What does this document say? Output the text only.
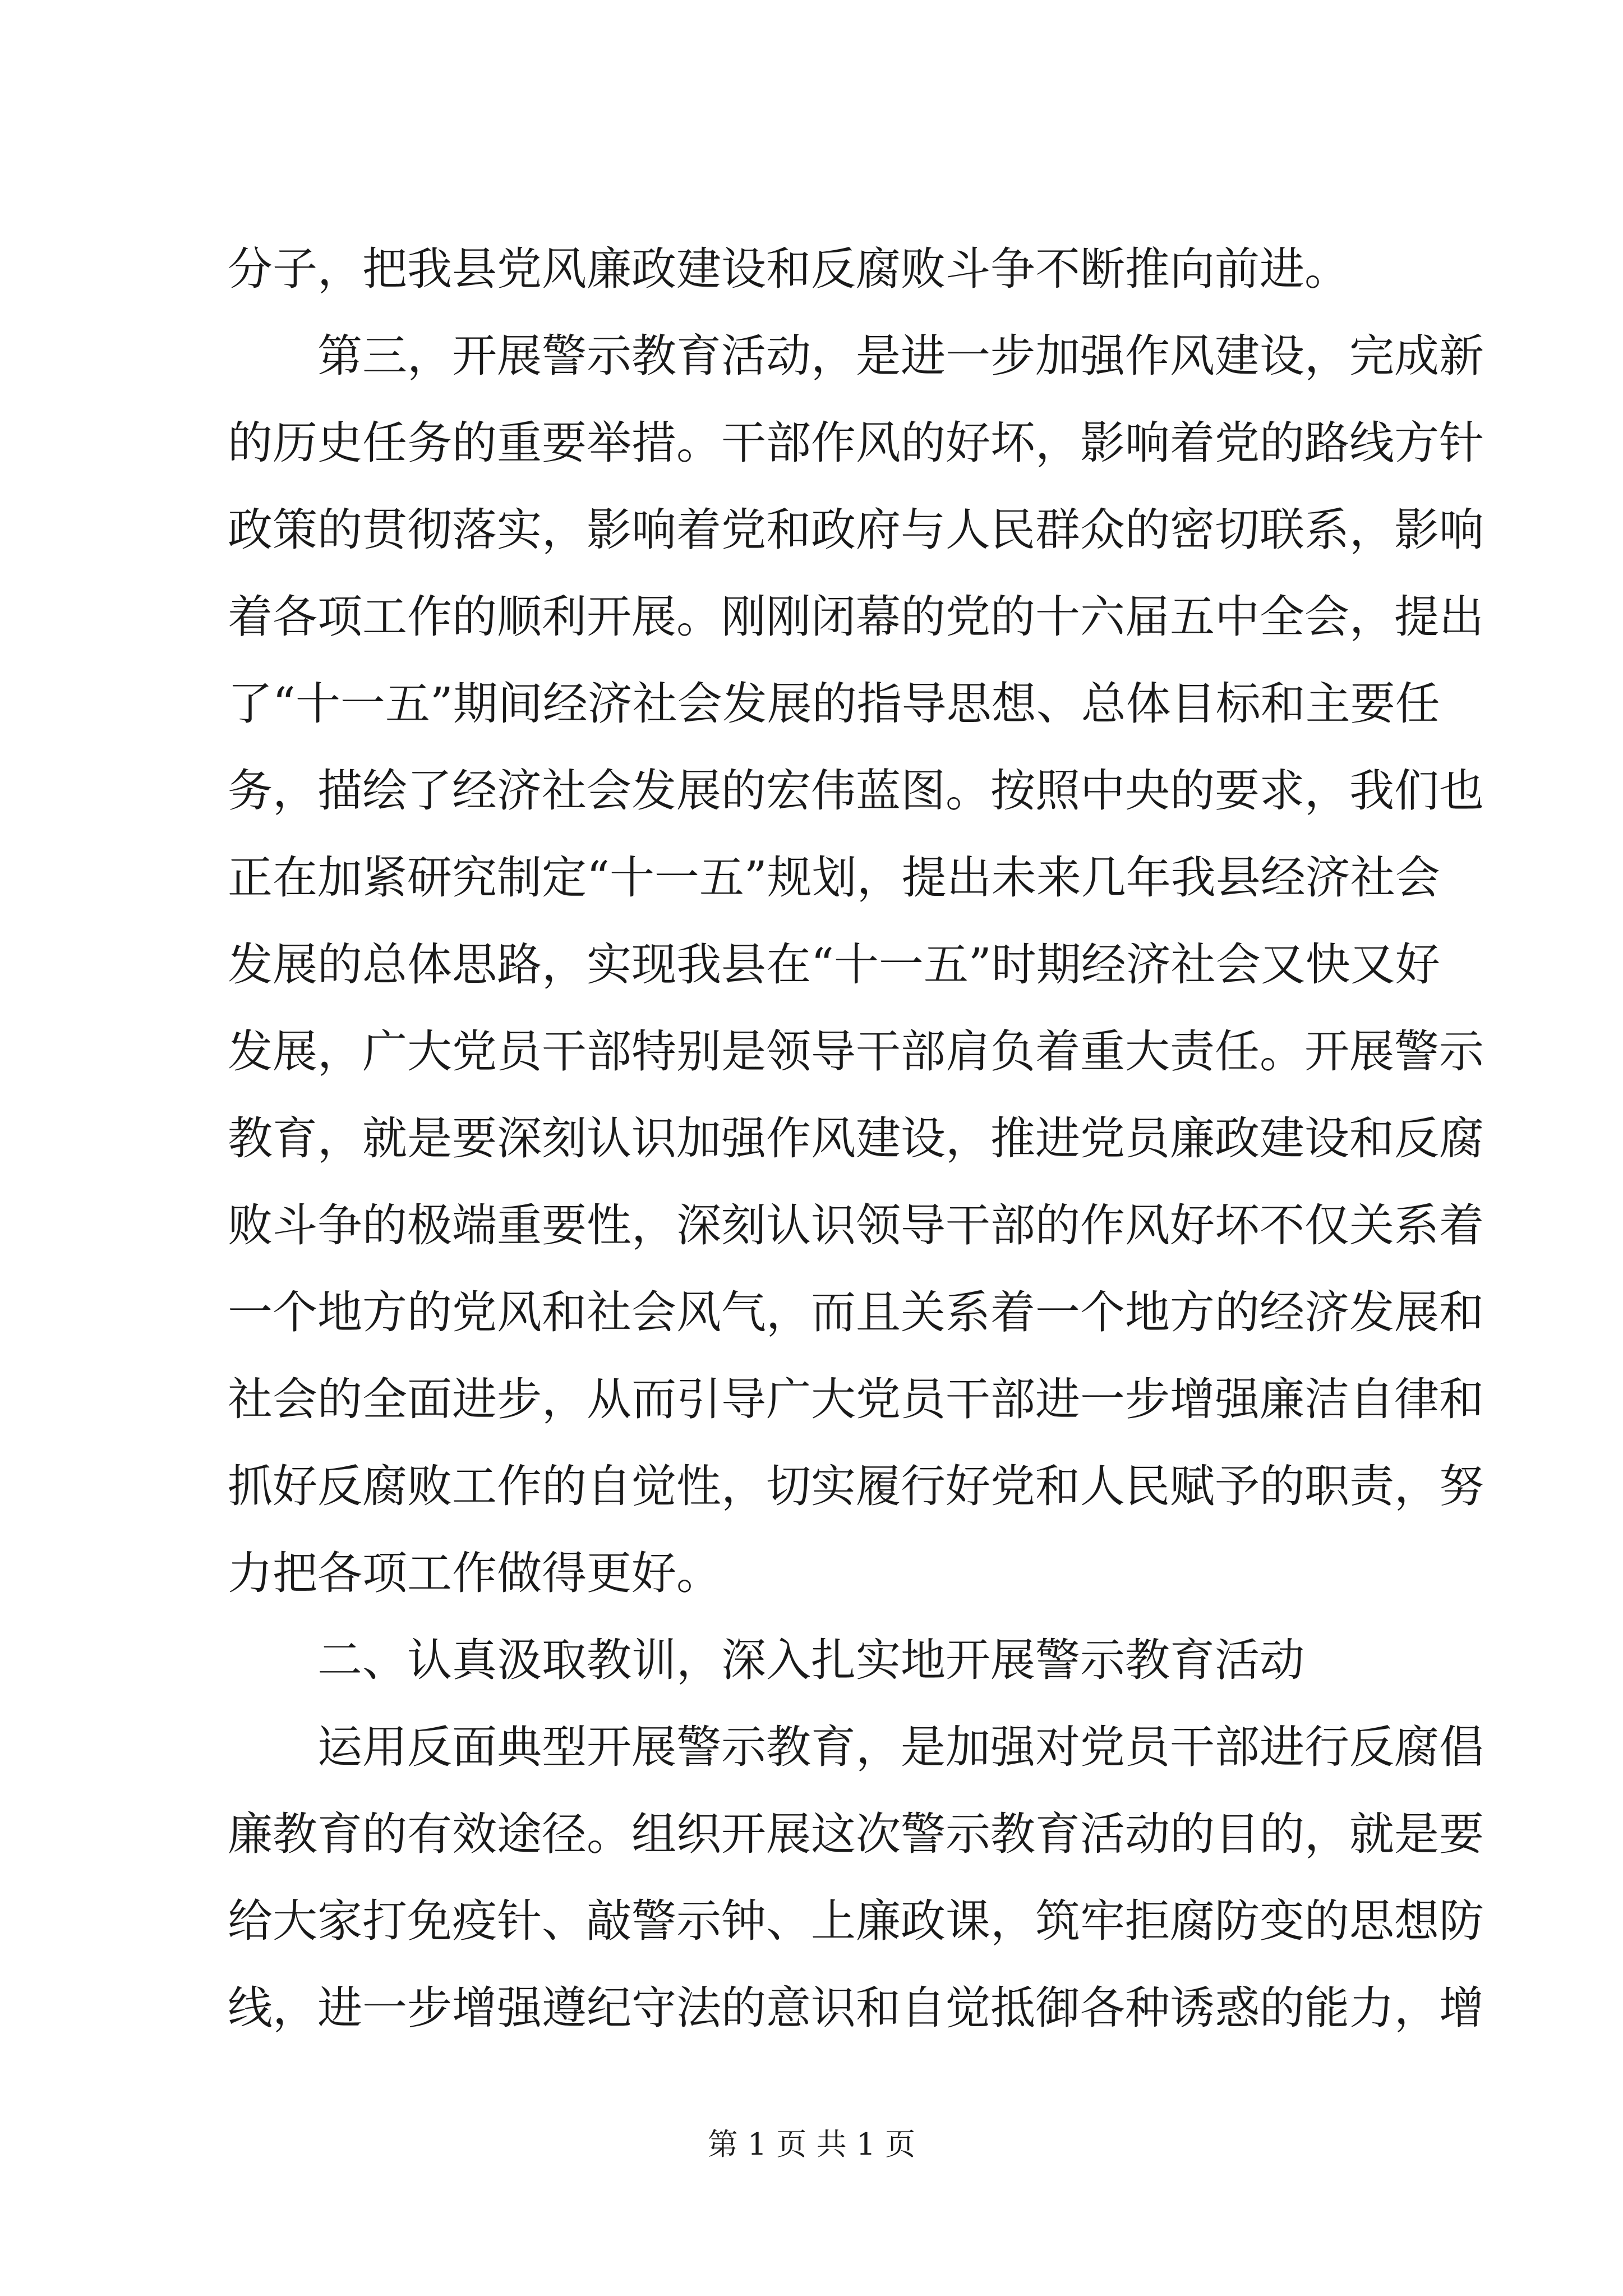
分子，把我县党风廉政建设和反腐败斗争不断推向前进。
第三，开展警示教育活动，是进一步加强作风建设，完成新
的历史任务的重要举措。干部作风的好坏，影响着党的路线方针
政策的贯彻落实，影响着党和政府与人民群众的密切联系，影响
着各项工作的顺利开展。刚刚闭幕的党的十六届五中全会，提出
了“十一五”期间经济社会发展的指导思想、总体目标和主要任
务，描绘了经济社会发展的宏伟蓝图。按照中央的要求，我们也
正在加紧研究制定“十一五”规划，提出未来几年我县经济社会
发展的总体思路，实现我县在“十一五”时期经济社会又快又好
发展，广大党员干部特别是领导干部肩负着重大责任。开展警示
教育，就是要深刻认识加强作风建设，推进党员廉政建设和反腐
败斗争的极端重要性，深刻认识领导干部的作风好坏不仅关系着
一个地方的党风和社会风气，而且关系着一个地方的经济发展和
社会的全面进步，从而引导广大党员干部进一步增强廉洁自律和
抓好反腐败工作的自觉性，切实履行好党和人民赋予的职责，努
力把各项工作做得更好。
二、认真汲取教训，深入扎实地开展警示教育活动
运用反面典型开展警示教育，是加强对党员干部进行反腐倡
廉教育的有效途径。组织开展这次警示教育活动的目的，就是要
给大家打免疫针、敲警示钟、上廉政课，筑牢拒腐防变的思想防
线，进一步增强遵纪守法的意识和自觉抵御各种诱惑的能力，增
第 1 页 共 1 页
